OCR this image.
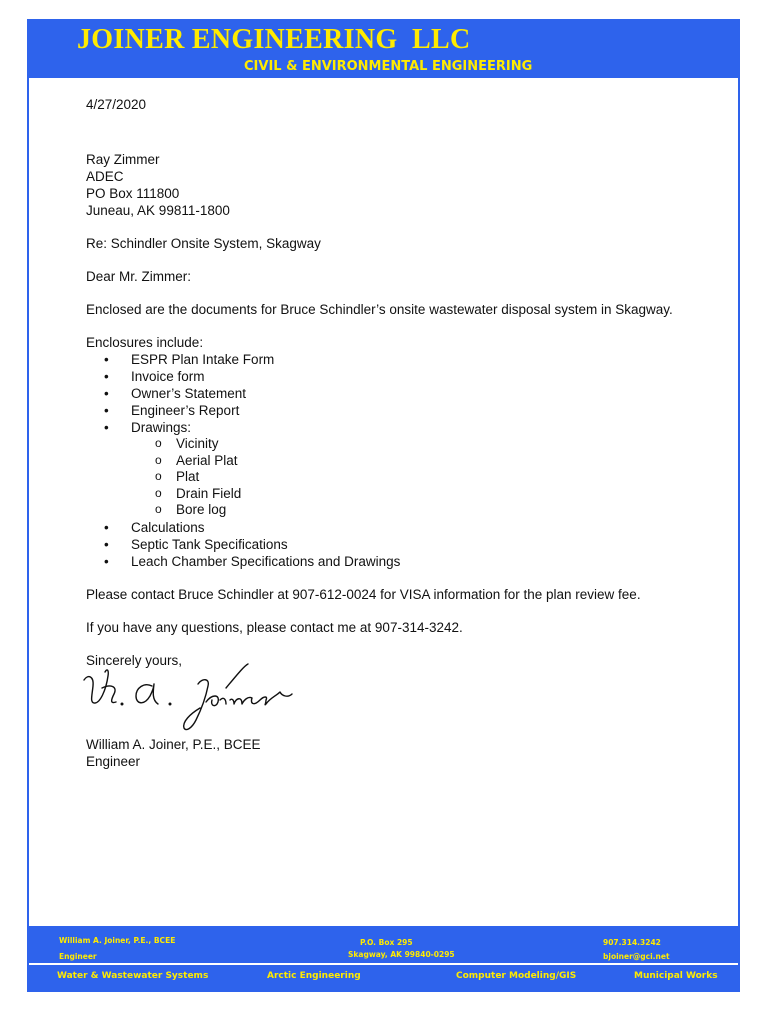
JOINER ENGINEERING  LLC
CIVIL & ENVIRONMENTAL ENGINEERING

4/27/2020

Ray Zimmer

ADEC

PO Box 111800

Juneau, AK 99811-1800

Re: Schindler Onsite System, Skagway

Dear Mr. Zimmer:

Enclosed are the documents for Bruce Schindler’s onsite wastewater disposal system in Skagway.

Enclosures include:

• ESPR Plan Intake Form
• Invoice form
• Owner’s Statement
• Engineer’s Report
• Drawings:
o Vicinity
o Aerial Plat
o Plat
o Drain Field
o Bore log
• Calculations
• Septic Tank Specifications
• Leach Chamber Specifications and Drawings

Please contact Bruce Schindler at 907-612-0024 for VISA information for the plan review fee.

If you have any questions, please contact me at 907-314-3242.

Sincerely yours,

William A. Joiner, P.E., BCEE

Engineer

William A. Joiner, P.E., BCEE
Engineer
P.O. Box 295
Skagway, AK 99840-0295
907.314.3242
bjoiner@gci.net
Water & Wastewater Systems	Arctic Engineering	Computer Modeling/GIS	Municipal Works
